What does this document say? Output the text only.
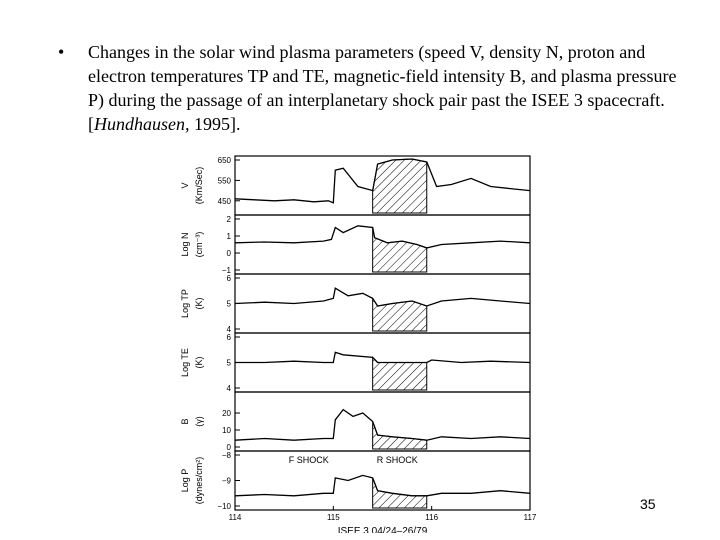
•	Changes in the solar wind plasma parameters (speed V, density N, proton and electron temperatures TP and TE, magnetic-field intensity B, and plasma pressure P) during the passage of an interplanetary shock pair past the ISEE 3 spacecraft. [Hundhausen, 1995].
650
550
450
V (Km/Sec)
2
1
0
−1
Log N (cm⁻³)
6
5
4
Log TP (K)
6
5
4
Log TE (K)
20
10
0
B (γ)
−8
−9
−10
Log P (dynes/cm²)	F SHOCK	R SHOCK
114	115	116	117
ISEE 3 04/24–26/79
35
